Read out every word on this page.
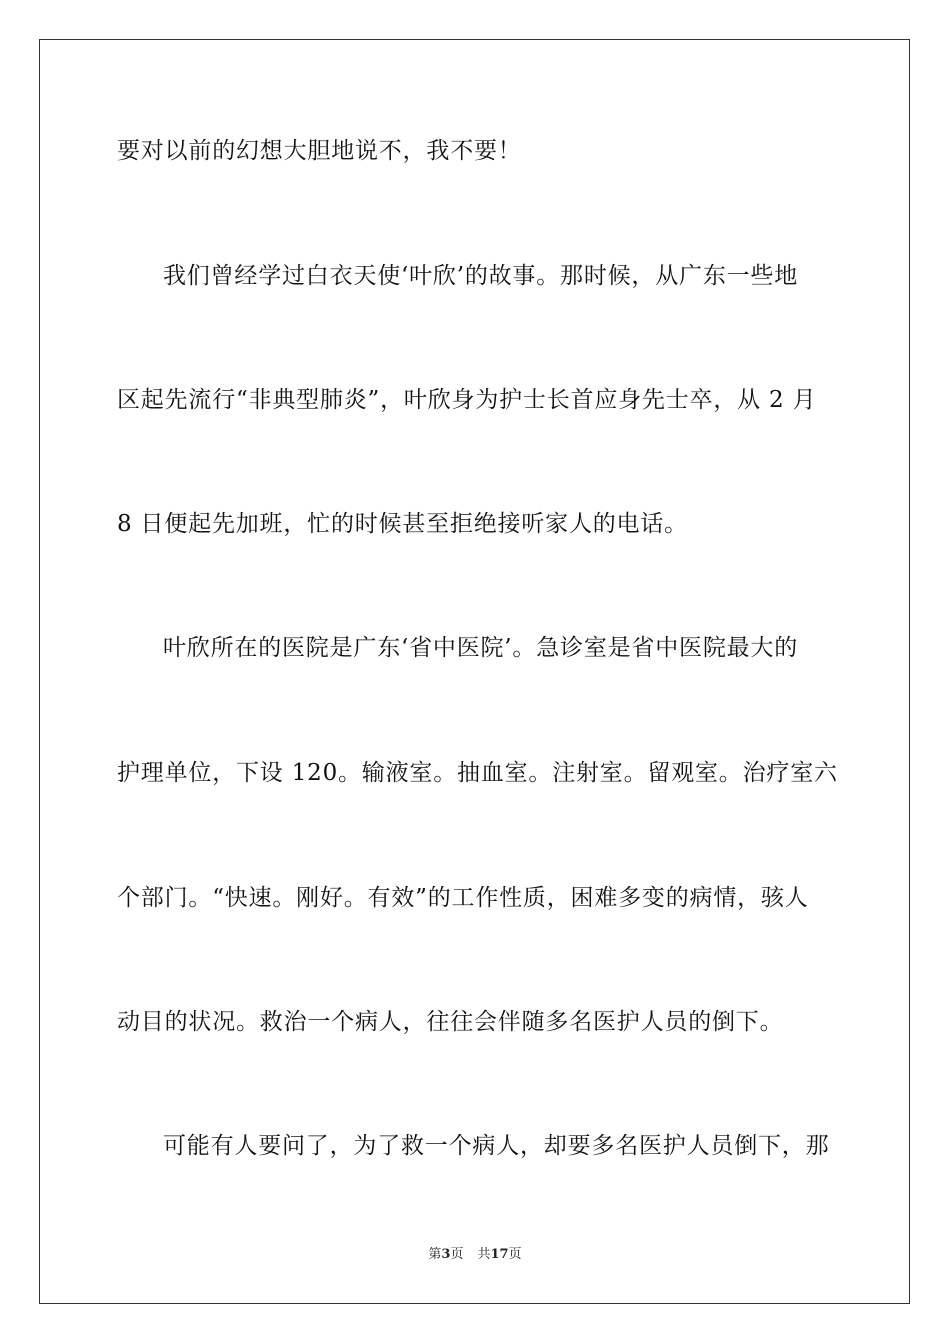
要对以前的幻想大胆地说不，我不要！
我们曾经学过白衣天使‘叶欣’的故事。那时候，从广东一些地
区起先流行“非典型肺炎”，叶欣身为护士长首应身先士卒，从 2 月
8 日便起先加班，忙的时候甚至拒绝接听家人的电话。
叶欣所在的医院是广东‘省中医院’。急诊室是省中医院最大的
护理单位，下设 120。输液室。抽血室。注射室。留观室。治疗室六
个部门。“快速。刚好。有效”的工作性质，困难多变的病情，骇人
动目的状况。救治一个病人，往往会伴随多名医护人员的倒下。
可能有人要问了，为了救一个病人，却要多名医护人员倒下，那
第3页 共17页
